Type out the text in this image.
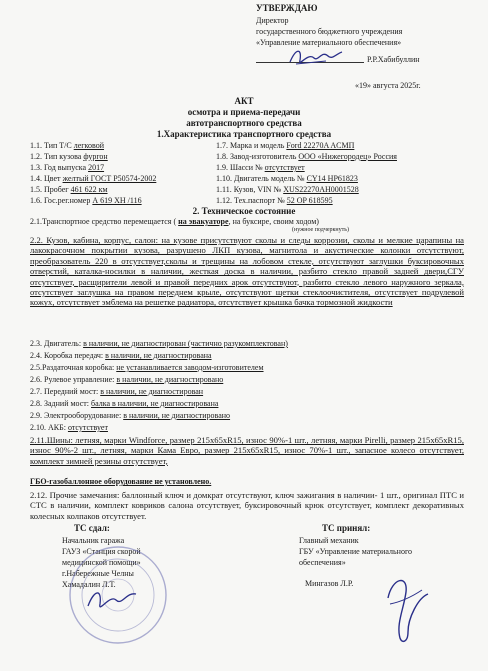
УТВЕРЖДАЮ
Директор
государственного бюджетного учреждения
«Управление материального обеспечения»
Р.Р.Хабибуллин
«19» августа 2025г.
АКТ
осмотра и приема-передачи
автотранспортного средства
1.Характеристика транспортного средства
1.1. Тип Т/С легковой
1.2. Тип кузова фургон
1.3. Год выпуска 2017
1.4. Цвет желтый ГОСТ Р50574-2002
1.5. Пробег 461 622 км
1.6. Гос.рег.номер А 619 ХН /116
1.7. Марка и модель Ford 22270A ACMП
1.8. Завод-изготовитель ООО «Нижегородец» Россия
1.9. Шасси № отсутствует
1.10. Двигатель модель № CY14 HP61823
1.11. Кузов, VIN № XUS22270AH0001528
1.12. Тех.паспорт № 52 OP 618595
2. Техническое состояние
2.1.Транспортное средство перемещается ( на эвакуаторе, на буксире, своим ходом)
(нужное подчеркнуть)
2.2. Кузов, кабина, корпус, салон: на кузове присутствуют сколы и следы коррозии, сколы и мелкие царапины на лакокрасочном покрытии кузова, разрушено ЛКП кузова, магнитола и акустические колонки отсутствуют, преобразователь 220 в отсутствует,сколы и трещины на лобовом стекле, отсутствуют заглушки буксировочных отверстий, каталка-носилки в наличии, жесткая доска в наличии, разбито стекло правой задней двери,СГУ отсутствует, расщирители левой и правой передних арок отсутствуют, разбито стекло левого наружного зеркала, отсутствует заглушка на правом переднем крыле, отсутствуют щетки стеклоочистителя, отсутствует подрулевой кожух, отсутствует эмблема на решетке радиатора, отсутствует крышка бачка тормозной жидкости
2.3. Двигатель: в наличии, не диагностирован (частично разукомплектован)
2.4. Коробка передач: в наличии, не диагностирована
2.5.Раздаточная коробка: не устанавливается заводом-изготовителем
2.6. Рулевое управление: в наличии, не диагностировано
2.7. Передний мост: в наличии, не диагностирован
2.8. Задний мост: балка в наличии, не диагностирована
2.9. Электрооборудование: в наличии, не диагностировано
2.10. АКБ: отсутствует
2.11.Шины: летняя, марки Windforce, размер 215x65xR15, износ 90%-1 шт., летняя, марки Pirelli, размер 215x65xR15, износ 90%-2 шт., летняя, марки Кама Евро, размер 215x65xR15, износ 70%-1 шт., запасное колесо отсутствует, комплект зимней резины отсутствует,
ГБО-газобаллонное оборудование не установлено.
2.12. Прочие замечания: баллонный ключ и домкрат отсутствуют, ключ зажигания в наличии- 1 шт., оригинал ПТС и СТС в наличии, комплект ковриков салона отсутствует, буксировочный крюк отсутствует, комплект декоративных колесных колпаков отсутствует.
ТС сдал:
Начальник гаража
ГАУЗ «Станция скорой
медицинской помощи»
г.Набережные Челны
Хамадалин Л.Т.
ТС принял:
Главный механик
ГБУ «Управление материального
обеспечения»
Мингазов Л.Р.
